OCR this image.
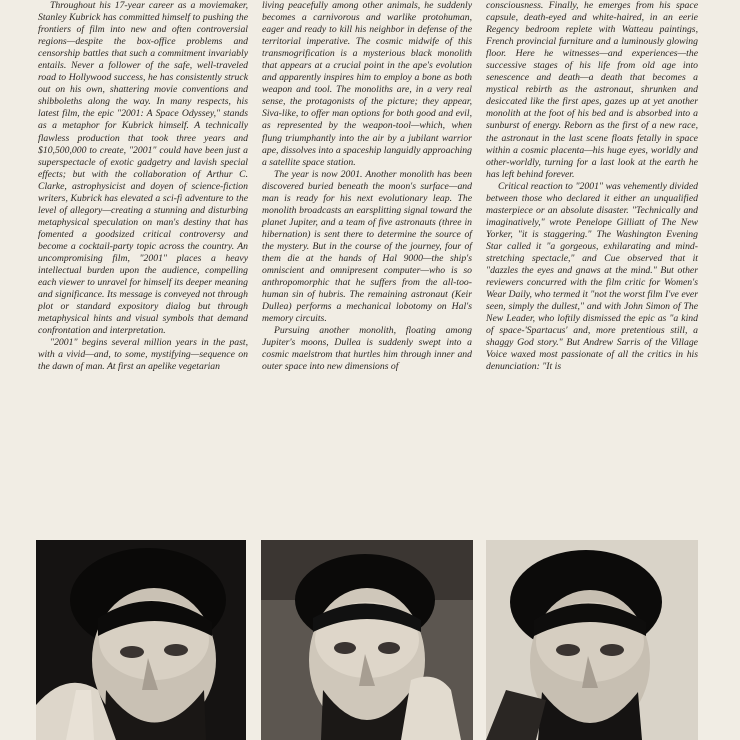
Throughout his 17-year career as a moviemaker, Stanley Kubrick has committed himself to pushing the frontiers of film into new and often controversial regions—despite the box-office problems and censorship battles that such a commitment invariably entails. Never a follower of the safe, well-traveled road to Hollywood success, he has consistently struck out on his own, shattering movie conventions and shibboleths along the way. In many respects, his latest film, the epic "2001: A Space Odyssey," stands as a metaphor for Kubrick himself. A technically flawless production that took three years and $10,500,000 to create, "2001" could have been just a superspectacle of exotic gadgetry and lavish special effects; but with the collaboration of Arthur C. Clarke, astrophysicist and doyen of science-fiction writers, Kubrick has elevated a sci-fi adventure to the level of allegory—creating a stunning and disturbing metaphysical speculation on man's destiny that has fomented a goodsized critical controversy and become a cocktail-party topic across the country. An uncompromising film, "2001" places a heavy intellectual burden upon the audience, compelling each viewer to unravel for himself its deeper meaning and significance. Its message is conveyed not through plot or standard expository dialog but through metaphysical hints and visual symbols that demand confrontation and interpretation.

"2001" begins several million years in the past, with a vivid—and, to some, mystifying—sequence on the dawn of man. At first an apelike vegetarian

living peacefully among other animals, he suddenly becomes a carnivorous and warlike protohuman, eager and ready to kill his neighbor in defense of the territorial imperative. The cosmic midwife of this transmogrification is a mysterious black monolith that appears at a crucial point in the ape's evolution and apparently inspires him to employ a bone as both weapon and tool. The monoliths are, in a very real sense, the protagonists of the picture; they appear, Siva-like, to offer man options for both good and evil, as represented by the weapon-tool—which, when flung triumphantly into the air by a jubilant warrior ape, dissolves into a spaceship languidly approaching a satellite space station.

The year is now 2001. Another monolith has been discovered buried beneath the moon's surface—and man is ready for his next evolutionary leap. The monolith broadcasts an earsplitting signal toward the planet Jupiter, and a team of five astronauts (three in hibernation) is sent there to determine the source of the mystery. But in the course of the journey, four of them die at the hands of Hal 9000—the ship's omniscient and omnipresent computer—who is so anthropomorphic that he suffers from the all-too-human sin of hubris. The remaining astronaut (Keir Dullea) performs a mechanical lobotomy on Hal's memory circuits.

Pursuing another monolith, floating among Jupiter's moons, Dullea is suddenly swept into a cosmic maelstrom that hurtles him through inner and outer space into new dimensions of

consciousness. Finally, he emerges from his space capsule, death-eyed and white-haired, in an eerie Regency bedroom replete with Watteau paintings, French provincial furniture and a luminously glowing floor. Here he witnesses—and experiences—the successive stages of his life from old age into senescence and death—a death that becomes a mystical rebirth as the astronaut, shrunken and desiccated like the first apes, gazes up at yet another monolith at the foot of his bed and is absorbed into a sunburst of energy. Reborn as the first of a new race, the astronaut in the last scene floats fetally in space within a cosmic placenta—his huge eyes, worldly and other-worldly, turning for a last look at the earth he has left behind forever.

Critical reaction to "2001" was vehemently divided between those who declared it either an unqualified masterpiece or an absolute disaster. "Technically and imaginatively," wrote Penelope Gilliatt of The New Yorker, "it is staggering." The Washington Evening Star called it "a gorgeous, exhilarating and mind-stretching spectacle," and Cue observed that it "dazzles the eyes and gnaws at the mind." But other reviewers concurred with the film critic for Women's Wear Daily, who termed it "not the worst film I've ever seen, simply the dullest," and with John Simon of The New Leader, who loftily dismissed the epic as "a kind of space-'Spartacus' and, more pretentious still, a shaggy God story." But Andrew Sarris of the Village Voice waxed most passionate of all the critics in his denunciation: "It is
